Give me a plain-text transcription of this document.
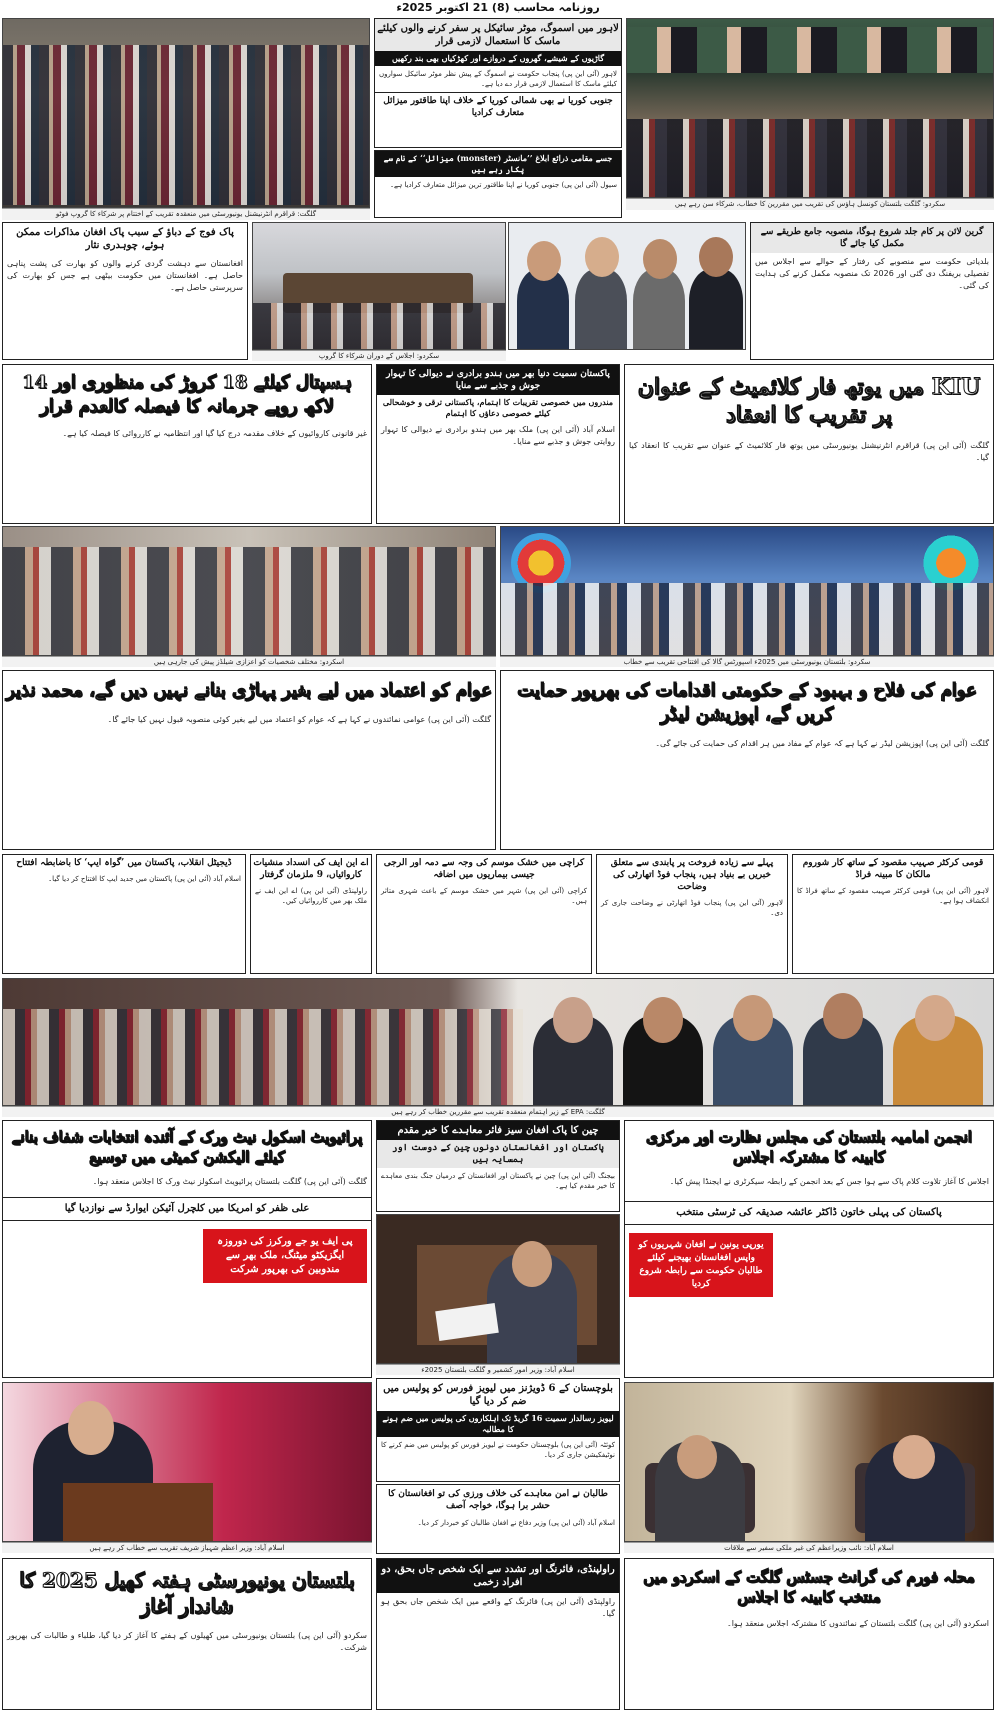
روزنامہ محاسب (8) 21 اکتوبر 2025ء
گلگت: قراقرم انٹرنیشنل یونیورسٹی میں منعقدہ تقریب کے اختتام پر شرکاء کا گروپ فوٹو
لاہور میں اسموگ، موٹر سائیکل پر سفر کرنے والوں کیلئے ماسک کا استعمال لازمی قرار
گاڑیوں کے شیشے، گھروں کے دروازے اور کھڑکیاں بھی بند رکھیں
لاہور (آئی این پی) پنجاب حکومت نے اسموگ کے پیش نظر موٹر سائیکل سواروں کیلئے ماسک کا استعمال لازمی قرار دے دیا ہے۔
جنوبی کوریا نے بھی شمالی کوریا کے خلاف اپنا طاقتور میزائل متعارف کرادیا
جسے مقامی ذرائع ابلاغ ’’مانسٹر (monster) میزائل‘‘ کے نام سے پکار رہے ہیں
سیول (آئی این پی) جنوبی کوریا نے اپنا طاقتور ترین میزائل متعارف کرادیا ہے۔
سکردو: گلگت بلتستان کونسل ہاؤس کی تقریب میں مقررین کا خطاب، شرکاء سن رہے ہیں
پاک فوج کے دباؤ کے سبب پاک افغان مذاکرات ممکن ہوئے، چوہدری نثار
افغانستان سے دہشت گردی کرنے والوں کو بھارت کی پشت پناہی حاصل ہے۔ افغانستان میں حکومت بیٹھی ہے جس کو بھارت کی سرپرستی حاصل ہے۔
سکردو: اجلاس کے دوران شرکاء کا گروپ
گرین لائن پر کام جلد شروع ہوگا، منصوبہ جامع طریقے سے مکمل کیا جائے گا
بلدیاتی حکومت سے منصوبے کی رفتار کے حوالے سے اجلاس میں تفصیلی بریفنگ دی گئی اور 2026 تک منصوبہ مکمل کرنے کی ہدایت کی گئی۔
ہسپتال کیلئے 18 کروڑ کی منظوری اور 14 لاکھ روپے جرمانہ کا فیصلہ کالعدم قرار
غیر قانونی کاروائیوں کے خلاف مقدمہ درج کیا گیا اور انتظامیہ نے کارروائی کا فیصلہ کیا ہے۔
پاکستان سمیت دنیا بھر میں ہندو برادری نے دیوالی کا تہوار جوش و جذبے سے منایا
مندروں میں خصوصی تقریبات کا اہتمام، پاکستانی ترقی و خوشحالی کیلئے خصوصی دعاؤں کا اہتمام
اسلام آباد (آئی این پی) ملک بھر میں ہندو برادری نے دیوالی کا تہوار روایتی جوش و جذبے سے منایا۔
KIU میں یوتھ فار کلائمیٹ کے عنوان پر تقریب کا انعقاد
گلگت (آئی این پی) قراقرم انٹرنیشنل یونیورسٹی میں یوتھ فار کلائمیٹ کے عنوان سے تقریب کا انعقاد کیا گیا۔
اسکردو: مختلف شخصیات کو اعزازی شیلڈز پیش کی جارہی ہیں	سکردو: بلتستان یونیورسٹی میں 2025ء اسپورٹس گالا کی افتتاحی تقریب سے خطاب
عوام کو اعتماد میں لیے بغیر پہاڑی بنانے نہیں دیں گے، محمد نذیر
گلگت (آئی این پی) عوامی نمائندوں نے کہا ہے کہ عوام کو اعتماد میں لیے بغیر کوئی منصوبہ قبول نہیں کیا جائے گا۔
عوام کی فلاح و بہبود کے حکومتی اقدامات کی بھرپور حمایت کریں گے، اپوزیشن لیڈر
گلگت (آئی این پی) اپوزیشن لیڈر نے کہا ہے کہ عوام کے مفاد میں ہر اقدام کی حمایت کی جائے گی۔
قومی کرکٹر صہیب مقصود کے ساتھ کار شوروم مالکان کا مبینہ فراڈ
لاہور (آئی این پی) قومی کرکٹر صہیب مقصود کے ساتھ فراڈ کا انکشاف ہوا ہے۔
پہلے سے زیادہ فروخت پر پابندی سے متعلق خبریں بے بنیاد ہیں، پنجاب فوڈ اتھارٹی کی وضاحت
لاہور (آئی این پی) پنجاب فوڈ اتھارٹی نے وضاحت جاری کر دی۔
کراچی میں خشک موسم کی وجہ سے دمہ اور الرجی جیسی بیماریوں میں اضافہ
کراچی (آئی این پی) شہر میں خشک موسم کے باعث شہری متاثر ہیں۔
اے این ایف کی انسداد منشیات کاروائیاں، 9 ملزمان گرفتار
راولپنڈی (آئی این پی) اے این ایف نے ملک بھر میں کارروائیاں کیں۔
ڈیجیٹل انقلاب، پاکستان میں ’گواہ ایپ‘ کا باضابطہ افتتاح
اسلام آباد (آئی این پی) پاکستان میں جدید ایپ کا افتتاح کر دیا گیا۔
گلگت: EPA کے زیر اہتمام منعقدہ تقریب سے مقررین خطاب کر رہے ہیں
پرائیویٹ اسکول نیٹ ورک کے آئندہ انتخابات شفاف بنانے کیلئے الیکشن کمیٹی میں توسیع
گلگت (آئی این پی) گلگت بلتستان پرائیویٹ اسکولز نیٹ ورک کا اجلاس منعقد ہوا۔
علی ظفر کو امریکا میں کلچرل آئیکن ایوارڈ سے نوازدیا گیا
پی ایف یو جے ورکرز کی دوروزہ ایگزیکٹو میٹنگ، ملک بھر سے مندوبین کی بھرپور شرکت
چین کا پاک افغان سیز فائر معاہدے کا خیر مقدم
پاکستان اور افغانستان دونوں چین کے دوست اور ہمسایہ ہیں
بیجنگ (آئی این پی) چین نے پاکستان اور افغانستان کے درمیان جنگ بندی معاہدے کا خیر مقدم کیا ہے۔
اسلام آباد: وزیر امور کشمیر و گلگت بلتستان 2025ء
انجمن امامیہ بلتستان کی مجلس نظارت اور مرکزی کابینہ کا مشترکہ اجلاس
اجلاس کا آغاز تلاوت کلام پاک سے ہوا جس کے بعد انجمن کے رابطہ سیکرٹری نے ایجنڈا پیش کیا۔
پاکستان کی پہلی خاتون ڈاکٹر عائشہ صدیقہ کی ٹرسٹی منتخب
یورپی یونین نے افغان شہریوں کو واپس افغانستان بھیجنے کیلئے طالبان حکومت سے رابطہ شروع کردیا
اسلام آباد: وزیر اعظم شہباز شریف تقریب سے خطاب کر رہے ہیں
بلوچستان کے 6 ڈویژنز میں لیویز فورس کو پولیس میں ضم کر دیا گیا
لیویز رسالدار سمیت 16 گریڈ تک اہلکاروں کی پولیس میں ضم ہونے کا مطالبہ
کوئٹہ (آئی این پی) بلوچستان حکومت نے لیویز فورس کو پولیس میں ضم کرنے کا نوٹیفکیشن جاری کر دیا۔
طالبان نے امن معاہدے کی خلاف ورزی کی تو افغانستان کا حشر برا ہوگا، خواجہ آصف
اسلام آباد (آئی این پی) وزیر دفاع نے افغان طالبان کو خبردار کر دیا۔
اسلام آباد: نائب وزیراعظم کی غیر ملکی سفیر سے ملاقات
بلتستان یونیورسٹی ہفتہ کھیل 2025 کا شاندار آغاز
سکردو (آئی این پی) بلتستان یونیورسٹی میں کھیلوں کے ہفتے کا آغاز کر دیا گیا، طلباء و طالبات کی بھرپور شرکت۔
راولپنڈی، فائرنگ اور تشدد سے ایک شخص جاں بحق، دو افراد زخمی
راولپنڈی (آئی این پی) فائرنگ کے واقعے میں ایک شخص جاں بحق ہو گیا۔
محلہ فورم کی گرانٹ جسٹس گلگت کے اسکردو میں منتخب کابینہ کا اجلاس
اسکردو (آئی این پی) گلگت بلتستان کے نمائندوں کا مشترکہ اجلاس منعقد ہوا۔
